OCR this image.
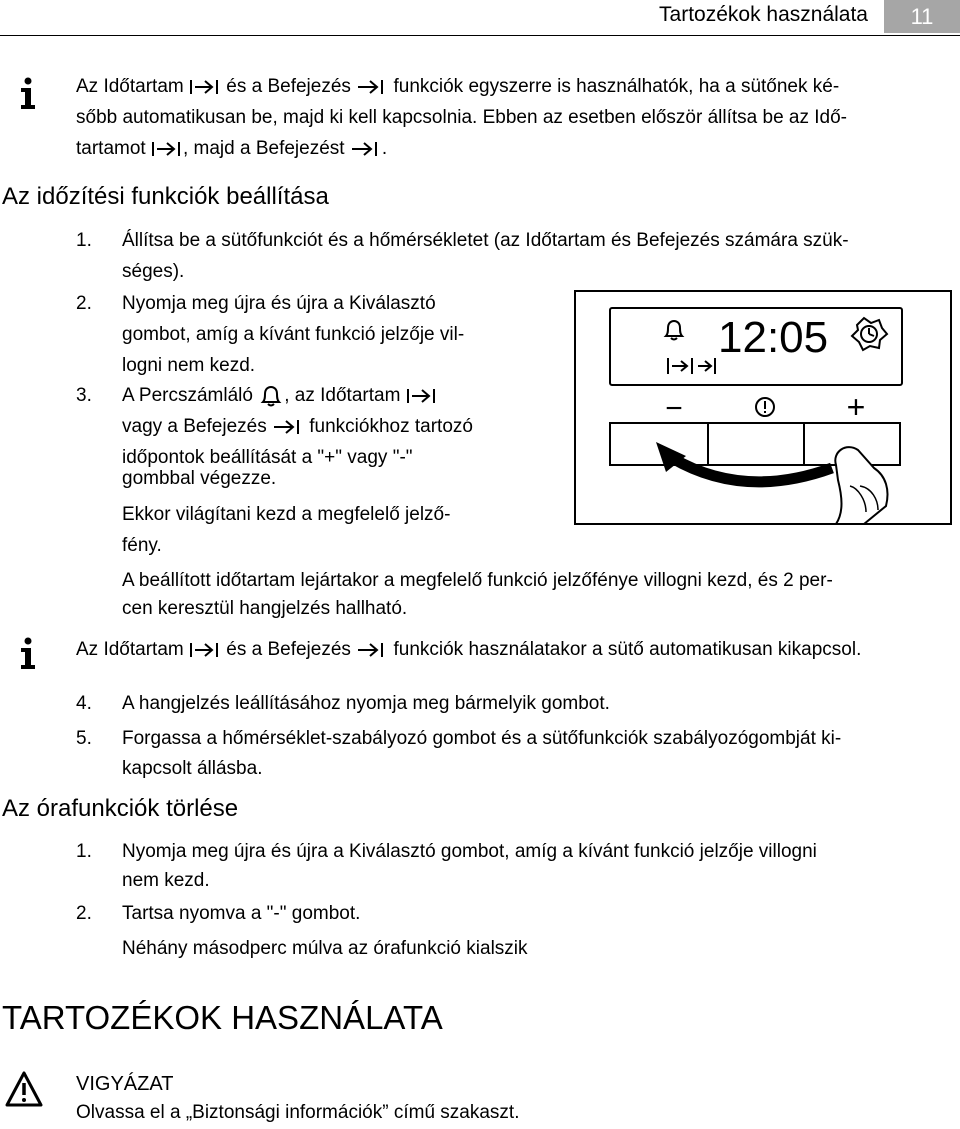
Tartozékok használata	11
Az Időtartam és a Befejezés funkciók egyszerre is használhatók, ha a sütőnek ké-
sőbb automatikusan be, majd ki kell kapcsolnia. Ebben az esetben először állítsa be az Idő-
tartamot , majd a Befejezést .
Az időzítési funkciók beállítása
1.	Állítsa be a sütőfunkciót és a hőmérsékletet (az Időtartam és Befejezés számára szük-
séges).
2.	Nyomja meg újra és újra a Kiválasztó
gombot, amíg a kívánt funkció jelzője vil-
logni nem kezd.
3.	A Percszámláló , az Időtartam
vagy a Befejezés funkciókhoz tartozó
időpontok beállítását a "+" vagy "-"
gombbal végezze.
Ekkor világítani kezd a megfelelő jelző-
fény.
A beállított időtartam lejártakor a megfelelő funkció jelzőfénye villogni kezd, és 2 per-
cen keresztül hangjelzés hallható.
12:05
−	+
Az Időtartam és a Befejezés funkciók használatakor a sütő automatikusan kikapcsol.
4.	A hangjelzés leállításához nyomja meg bármelyik gombot.
5.	Forgassa a hőmérséklet-szabályozó gombot és a sütőfunkciók szabályozógombját ki-
kapcsolt állásba.
Az órafunkciók törlése
1.	Nyomja meg újra és újra a Kiválasztó gombot, amíg a kívánt funkció jelzője villogni
nem kezd.
2.	Tartsa nyomva a "-" gombot.
Néhány másodperc múlva az órafunkció kialszik
TARTOZÉKOK HASZNÁLATA
VIGYÁZAT
Olvassa el a „Biztonsági információk” című szakaszt.
